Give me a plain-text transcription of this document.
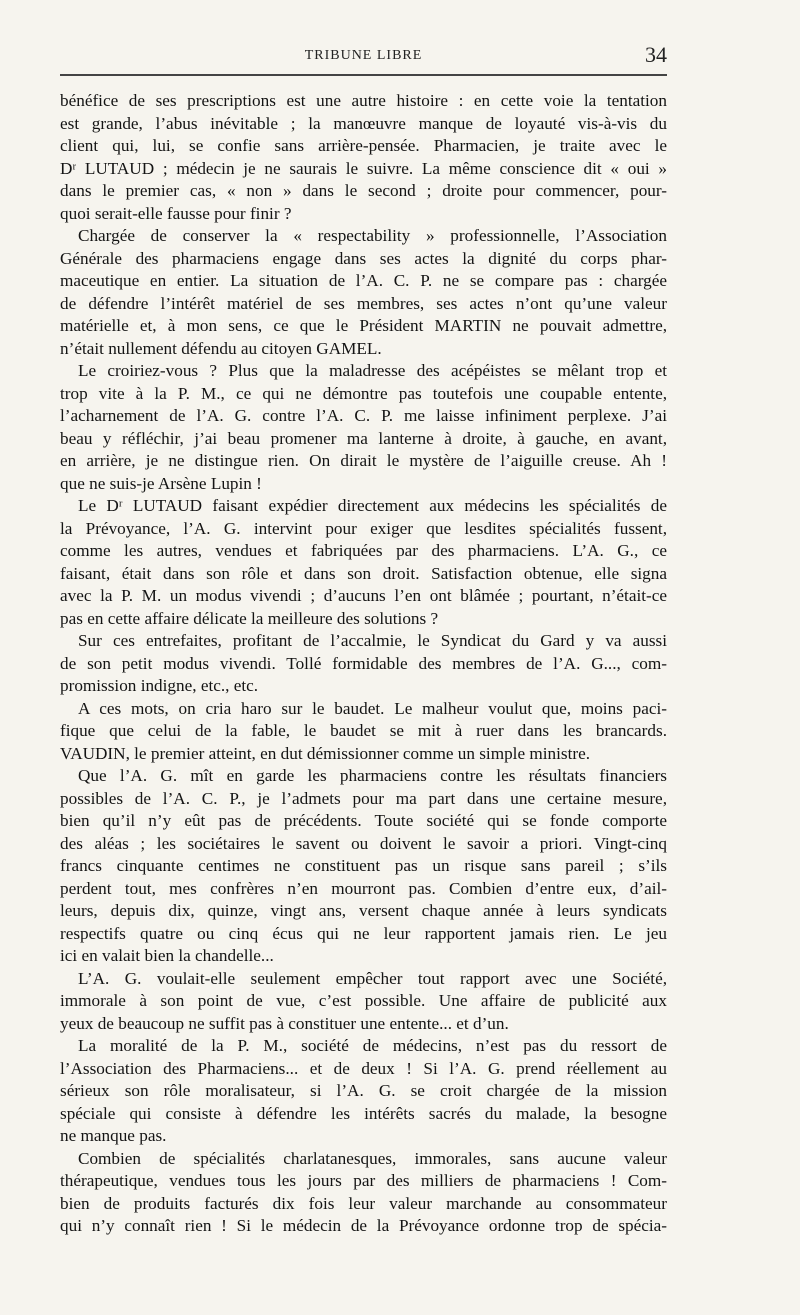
TRIBUNE LIBRE	34
bénéfice de ses prescriptions est une autre histoire : en cette voie la tentation
est grande, l’abus inévitable ; la manœuvre manque de loyauté vis-à-vis du
client qui, lui, se confie sans arrière-pensée. Pharmacien, je traite avec le
Dʳ LUTAUD ; médecin je ne saurais le suivre. La même conscience dit « oui »
dans le premier cas, « non » dans le second ; droite pour commencer, pour-
quoi serait-elle fausse pour finir ?
Chargée de conserver la « respectability » professionnelle, l’Association
Générale des pharmaciens engage dans ses actes la dignité du corps phar-
maceutique en entier. La situation de l’A. C. P. ne se compare pas : chargée
de défendre l’intérêt matériel de ses membres, ses actes n’ont qu’une valeur
matérielle et, à mon sens, ce que le Président MARTIN ne pouvait admettre,
n’était nullement défendu au citoyen GAMEL.
Le croiriez-vous ? Plus que la maladresse des acépéistes se mêlant trop et
trop vite à la P. M., ce qui ne démontre pas toutefois une coupable entente,
l’acharnement de l’A. G. contre l’A. C. P. me laisse infiniment perplexe. J’ai
beau y réfléchir, j’ai beau promener ma lanterne à droite, à gauche, en avant,
en arrière, je ne distingue rien. On dirait le mystère de l’aiguille creuse. Ah !
que ne suis-je Arsène Lupin !
Le Dʳ LUTAUD faisant expédier directement aux médecins les spécialités de
la Prévoyance, l’A. G. intervint pour exiger que lesdites spécialités fussent,
comme les autres, vendues et fabriquées par des pharmaciens. L’A. G., ce
faisant, était dans son rôle et dans son droit. Satisfaction obtenue, elle signa
avec la P. M. un modus vivendi ; d’aucuns l’en ont blâmée ; pourtant, n’était-ce
pas en cette affaire délicate la meilleure des solutions ?
Sur ces entrefaites, profitant de l’accalmie, le Syndicat du Gard y va aussi
de son petit modus vivendi. Tollé formidable des membres de l’A. G..., com-
promission indigne, etc., etc.
A ces mots, on cria haro sur le baudet. Le malheur voulut que, moins paci-
fique que celui de la fable, le baudet se mit à ruer dans les brancards.
VAUDIN, le premier atteint, en dut démissionner comme un simple ministre.
Que l’A. G. mît en garde les pharmaciens contre les résultats financiers
possibles de l’A. C. P., je l’admets pour ma part dans une certaine mesure,
bien qu’il n’y eût pas de précédents. Toute société qui se fonde comporte
des aléas ; les sociétaires le savent ou doivent le savoir a priori. Vingt-cinq
francs cinquante centimes ne constituent pas un risque sans pareil ; s’ils
perdent tout, mes confrères n’en mourront pas. Combien d’entre eux, d’ail-
leurs, depuis dix, quinze, vingt ans, versent chaque année à leurs syndicats
respectifs quatre ou cinq écus qui ne leur rapportent jamais rien. Le jeu
ici en valait bien la chandelle...
L’A. G. voulait-elle seulement empêcher tout rapport avec une Société,
immorale à son point de vue, c’est possible. Une affaire de publicité aux
yeux de beaucoup ne suffit pas à constituer une entente... et d’un.
La moralité de la P. M., société de médecins, n’est pas du ressort de
l’Association des Pharmaciens... et de deux ! Si l’A. G. prend réellement au
sérieux son rôle moralisateur, si l’A. G. se croit chargée de la mission
spéciale qui consiste à défendre les intérêts sacrés du malade, la besogne
ne manque pas.
Combien de spécialités charlatanesques, immorales, sans aucune valeur
thérapeutique, vendues tous les jours par des milliers de pharmaciens ! Com-
bien de produits facturés dix fois leur valeur marchande au consommateur
qui n’y connaît rien ! Si le médecin de la Prévoyance ordonne trop de spécia-
